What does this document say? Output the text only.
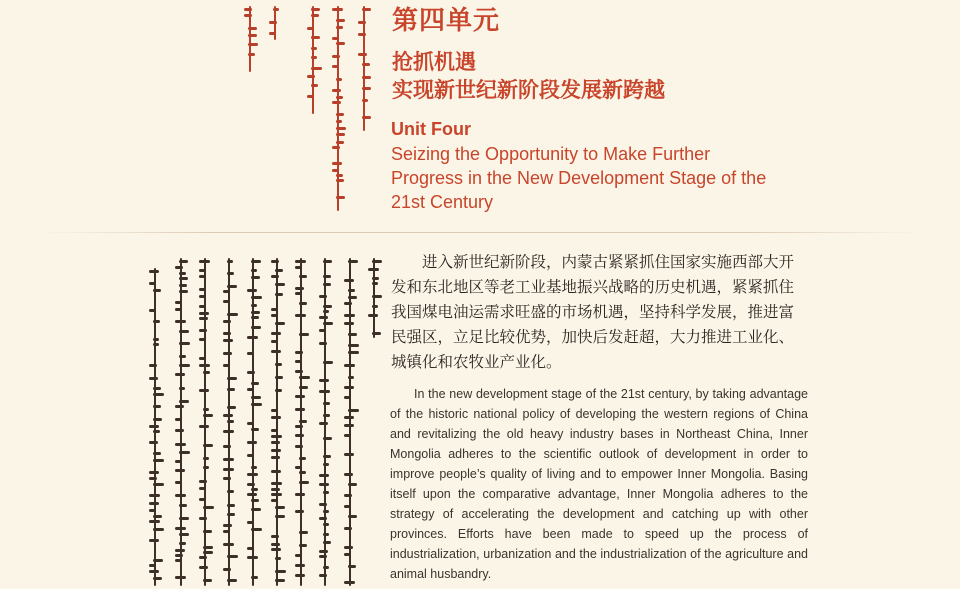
第四单元
抢抓机遇
实现新世纪新阶段发展新跨越
Unit Four
Seizing the Opportunity to Make Further
Progress in the New Development Stage of the
21st Century

进入新世纪新阶段，内蒙古紧紧抓住国家实施西部大开发和东北地区等老工业基地振兴战略的历史机遇，紧紧抓住我国煤电油运需求旺盛的市场机遇，坚持科学发展，推进富民强区，立足比较优势，加快后发赶超，大力推进工业化、城镇化和农牧业产业化。

In the new development stage of the 21st century, by taking advantage of the historic national policy of developing the western regions of China and revitalizing the old heavy industry bases in Northeast China, Inner Mongolia adheres to the scientific outlook of development in order to improve people’s quality of living and to empower Inner Mongolia. Basing itself upon the comparative advantage, Inner Mongolia adheres to the strategy of accelerating the development and catching up with other provinces. Efforts have been made to speed up the process of industrialization, urbanization and the industrialization of the agriculture and animal husbandry.
